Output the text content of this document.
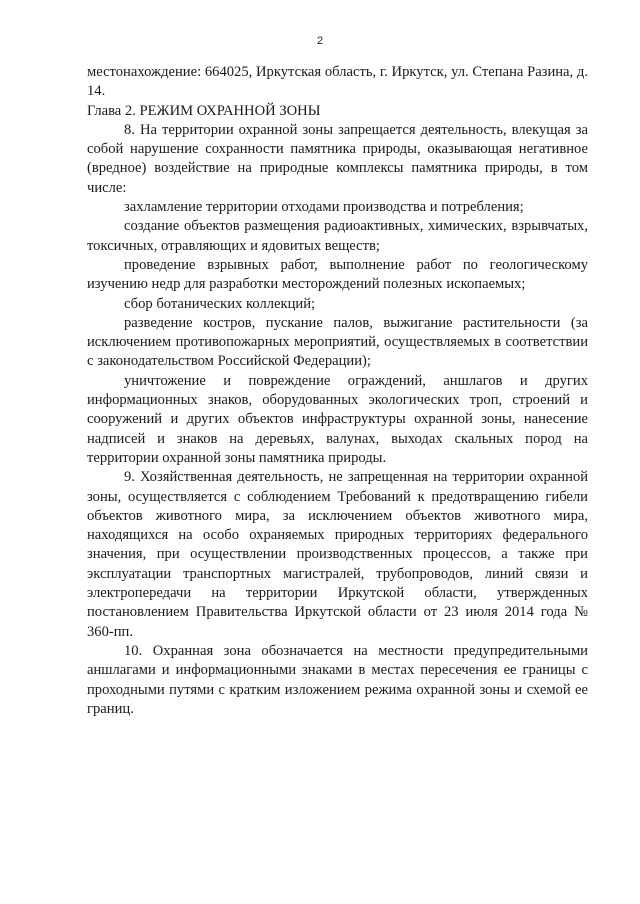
2

местонахождение: 664025, Иркутская область, г. Иркутск, ул. Степана Разина, д. 14.

Глава 2. РЕЖИМ ОХРАННОЙ ЗОНЫ

8. На территории охранной зоны запрещается деятельность, влекущая за собой нарушение сохранности памятника природы, оказывающая негативное (вредное) воздействие на природные комплексы памятника природы, в том числе:

захламление территории отходами производства и потребления;

создание объектов размещения радиоактивных, химических, взрывчатых, токсичных, отравляющих и ядовитых веществ;

проведение взрывных работ, выполнение работ по геологическому изучению недр для разработки месторождений полезных ископаемых;

сбор ботанических коллекций;

разведение костров, пускание палов, выжигание растительности (за исключением противопожарных мероприятий, осуществляемых в соответствии с законодательством Российской Федерации);

уничтожение и повреждение ограждений, аншлагов и других информационных знаков, оборудованных экологических троп, строений и сооружений и других объектов инфраструктуры охранной зоны, нанесение надписей и знаков на деревьях, валунах, выходах скальных пород на территории охранной зоны памятника природы.

9. Хозяйственная деятельность, не запрещенная на территории охранной зоны, осуществляется с соблюдением Требований к предотвращению гибели объектов животного мира, за исключением объектов животного мира, находящихся на особо охраняемых природных территориях федерального значения, при осуществлении производственных процессов, а также при эксплуатации транспортных магистралей, трубопроводов, линий связи и электропередачи на территории Иркутской области, утвержденных постановлением Правительства Иркутской области от 23 июля 2014 года № 360-пп.

10. Охранная зона обозначается на местности предупредительными аншлагами и информационными знаками в местах пересечения ее границы с проходными путями с кратким изложением режима охранной зоны и схемой ее границ.
